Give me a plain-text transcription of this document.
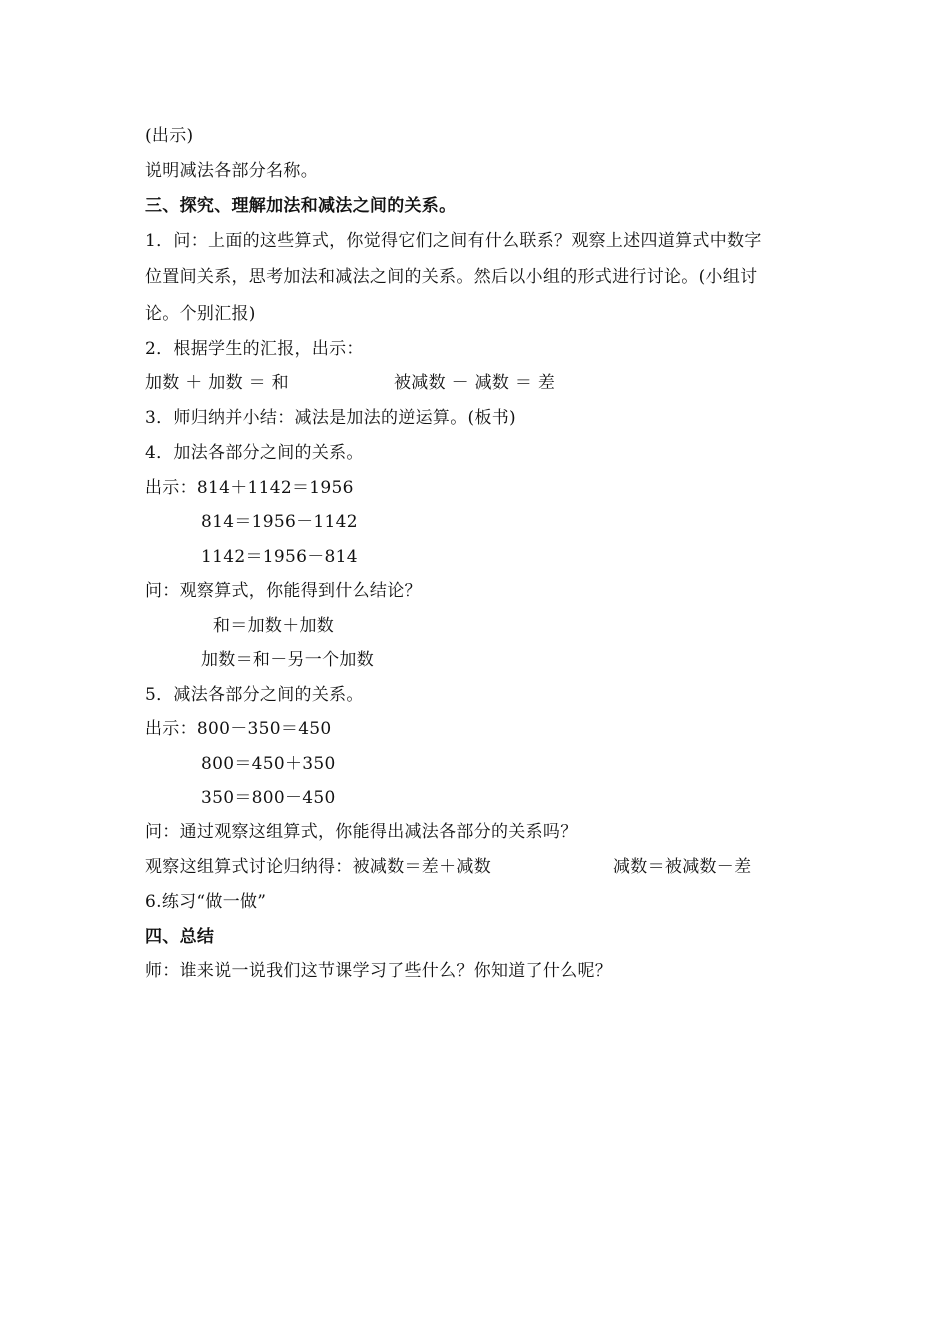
(出示)
说明减法各部分名称。
三、探究、理解加法和减法之间的关系。
1．问：上面的这些算式，你觉得它们之间有什么联系？观察上述四道算式中数字
位置间关系，思考加法和减法之间的关系。然后以小组的形式进行讨论。(小组讨
论。个别汇报)
2．根据学生的汇报，出示：
加数 ＋ 加数 ＝ 和	被减数 － 减数 ＝ 差
3．师归纳并小结：减法是加法的逆运算。(板书)
4．加法各部分之间的关系。
出示：814＋1142＝1956
814＝1956－1142
1142＝1956－814
问：观察算式，你能得到什么结论？
和＝加数＋加数
加数＝和－另一个加数
5．减法各部分之间的关系。
出示：800－350＝450
800＝450＋350
350＝800－450
问：通过观察这组算式，你能得出减法各部分的关系吗？
观察这组算式讨论归纳得：被减数＝差＋减数	减数＝被减数－差
6.练习“做一做”
四、总结
师：谁来说一说我们这节课学习了些什么？你知道了什么呢？
